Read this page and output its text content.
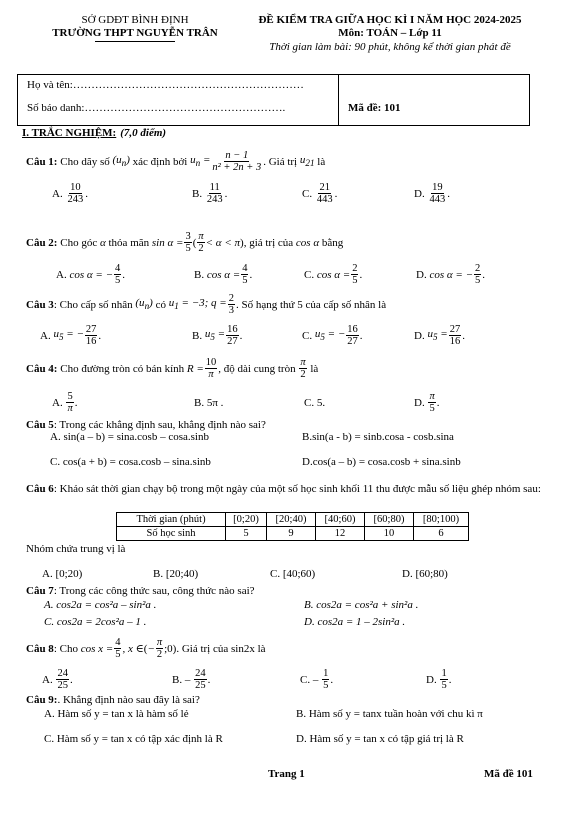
SỞ GDĐT BÌNH ĐỊNH
TRƯỜNG THPT NGUYỄN TRÂN
ĐỀ KIỂM TRA GIỮA HỌC KÌ I NĂM HỌC 2024-2025
Môn: TOÁN – Lớp 11
Thời gian làm bài: 90 phút, không kể thời gian phát đề
Họ và tên:………………………………………………………
Số báo danh:……………………………………………….	Mã đề: 101
I. TRẮC NGHIỆM: (7,0 điểm)
Câu 1:
Cho dãy số
$(u_n)$
xác định bởi
$u_n = \frac{n - 1}{\text{n² + 2n + 3}}$ . Giá trị
$u_{21}$
là
A.
$\frac{10}{243}$ .	B.
$\frac{11}{243}$ .	C.
$\frac{21}{443}$ .	D.
$\frac{19}{443}$ .
Câu 2:
Cho góc
α
thỏa mãn
$\sin \alpha = \frac{3}{5}$ ( $\frac{\pi}{2} < \alpha < \pi$ ) , giá trị của
cos α
bằng
A. cos α = − $\frac{4}{5}$ .	B. $\cos \alpha = \frac{4}{5}$ .	C. $\cos \alpha = \frac{2}{5}$ .	D. cos α = − $\frac{2}{5}$ .
Câu 3 : Cho cấp số nhân
$(u_n)$
có
$u_1 = -3$; $q = \frac{2}{3}$ . Số hạng thứ 5 của cấp số nhân là
A. $u_5$ = − $\frac{27}{16}$ .	B. $u_5 = \frac{16}{27}$ .	C. $u_5$ = − $\frac{16}{27}$ .	D. $u_5 = \frac{27}{16}$ .
Câu 4:
Cho đường tròn có bán kính
$R = \frac{10}{\pi}$ , độ dài cung tròn
$\frac{\pi}{2}$
là
A. $\frac{5}{\pi}$ .	B. 5π .	C. 5.	D. $\frac{\pi}{5}$ .
Câu 5 : Trong các khẳng định sau, khẳng định nào sai?
A. sin(a – b) = sina.cosb – cosa.sinb	B.sin(a - b) = sinb.cosa - cosb.sina
C. cos(a + b) = cosa.cosb – sina.sinb	D.cos(a – b) = cosa.cosb + sina.sinb
Câu 6: Khảo sát thời gian chạy bộ trong một ngày của một số học sinh khối 11 thu được mẫu số liệu ghép nhóm sau:
Thời gian (phút)	[0;20)	[20;40)	[40;60)	[60;80)	[80;100)
Số học sinh	5	9	12	10	6
Nhóm chứa trung vị là
A. [0;20)	B. [20;40)	C. [40;60)	D. [60;80)
Câu 7 : Trong các công thức sau, công thức nào sai?
A. cos2a = cos²a – sin²a .	B. cos2a = cos²a + sin²a .
C. cos2a = 2cos²a – 1 .	D. cos2a = 1 – 2sin²a .
Câu 8 : Cho
$\cos x = \frac{4}{5}$ , x ∈ ( − $\frac{\pi}{2}$ ;0) . Giá trị của sin2x là
A.
$\frac{24}{25}$ .	B. –
$\frac{24}{25}$ .	C. –
$\frac{1}{5}$ .	D.
$\frac{1}{5}$ .
Câu 9: . Khẳng định nào sau đây là sai?
A. Hàm số y = tan x là hàm số lẻ	B. Hàm số y = tanx tuần hoàn với chu kì π
C. Hàm số y = tan x có tập xác định là R	D. Hàm số y = tan x có tập giá trị là R
Trang 1	Mã đề 101
